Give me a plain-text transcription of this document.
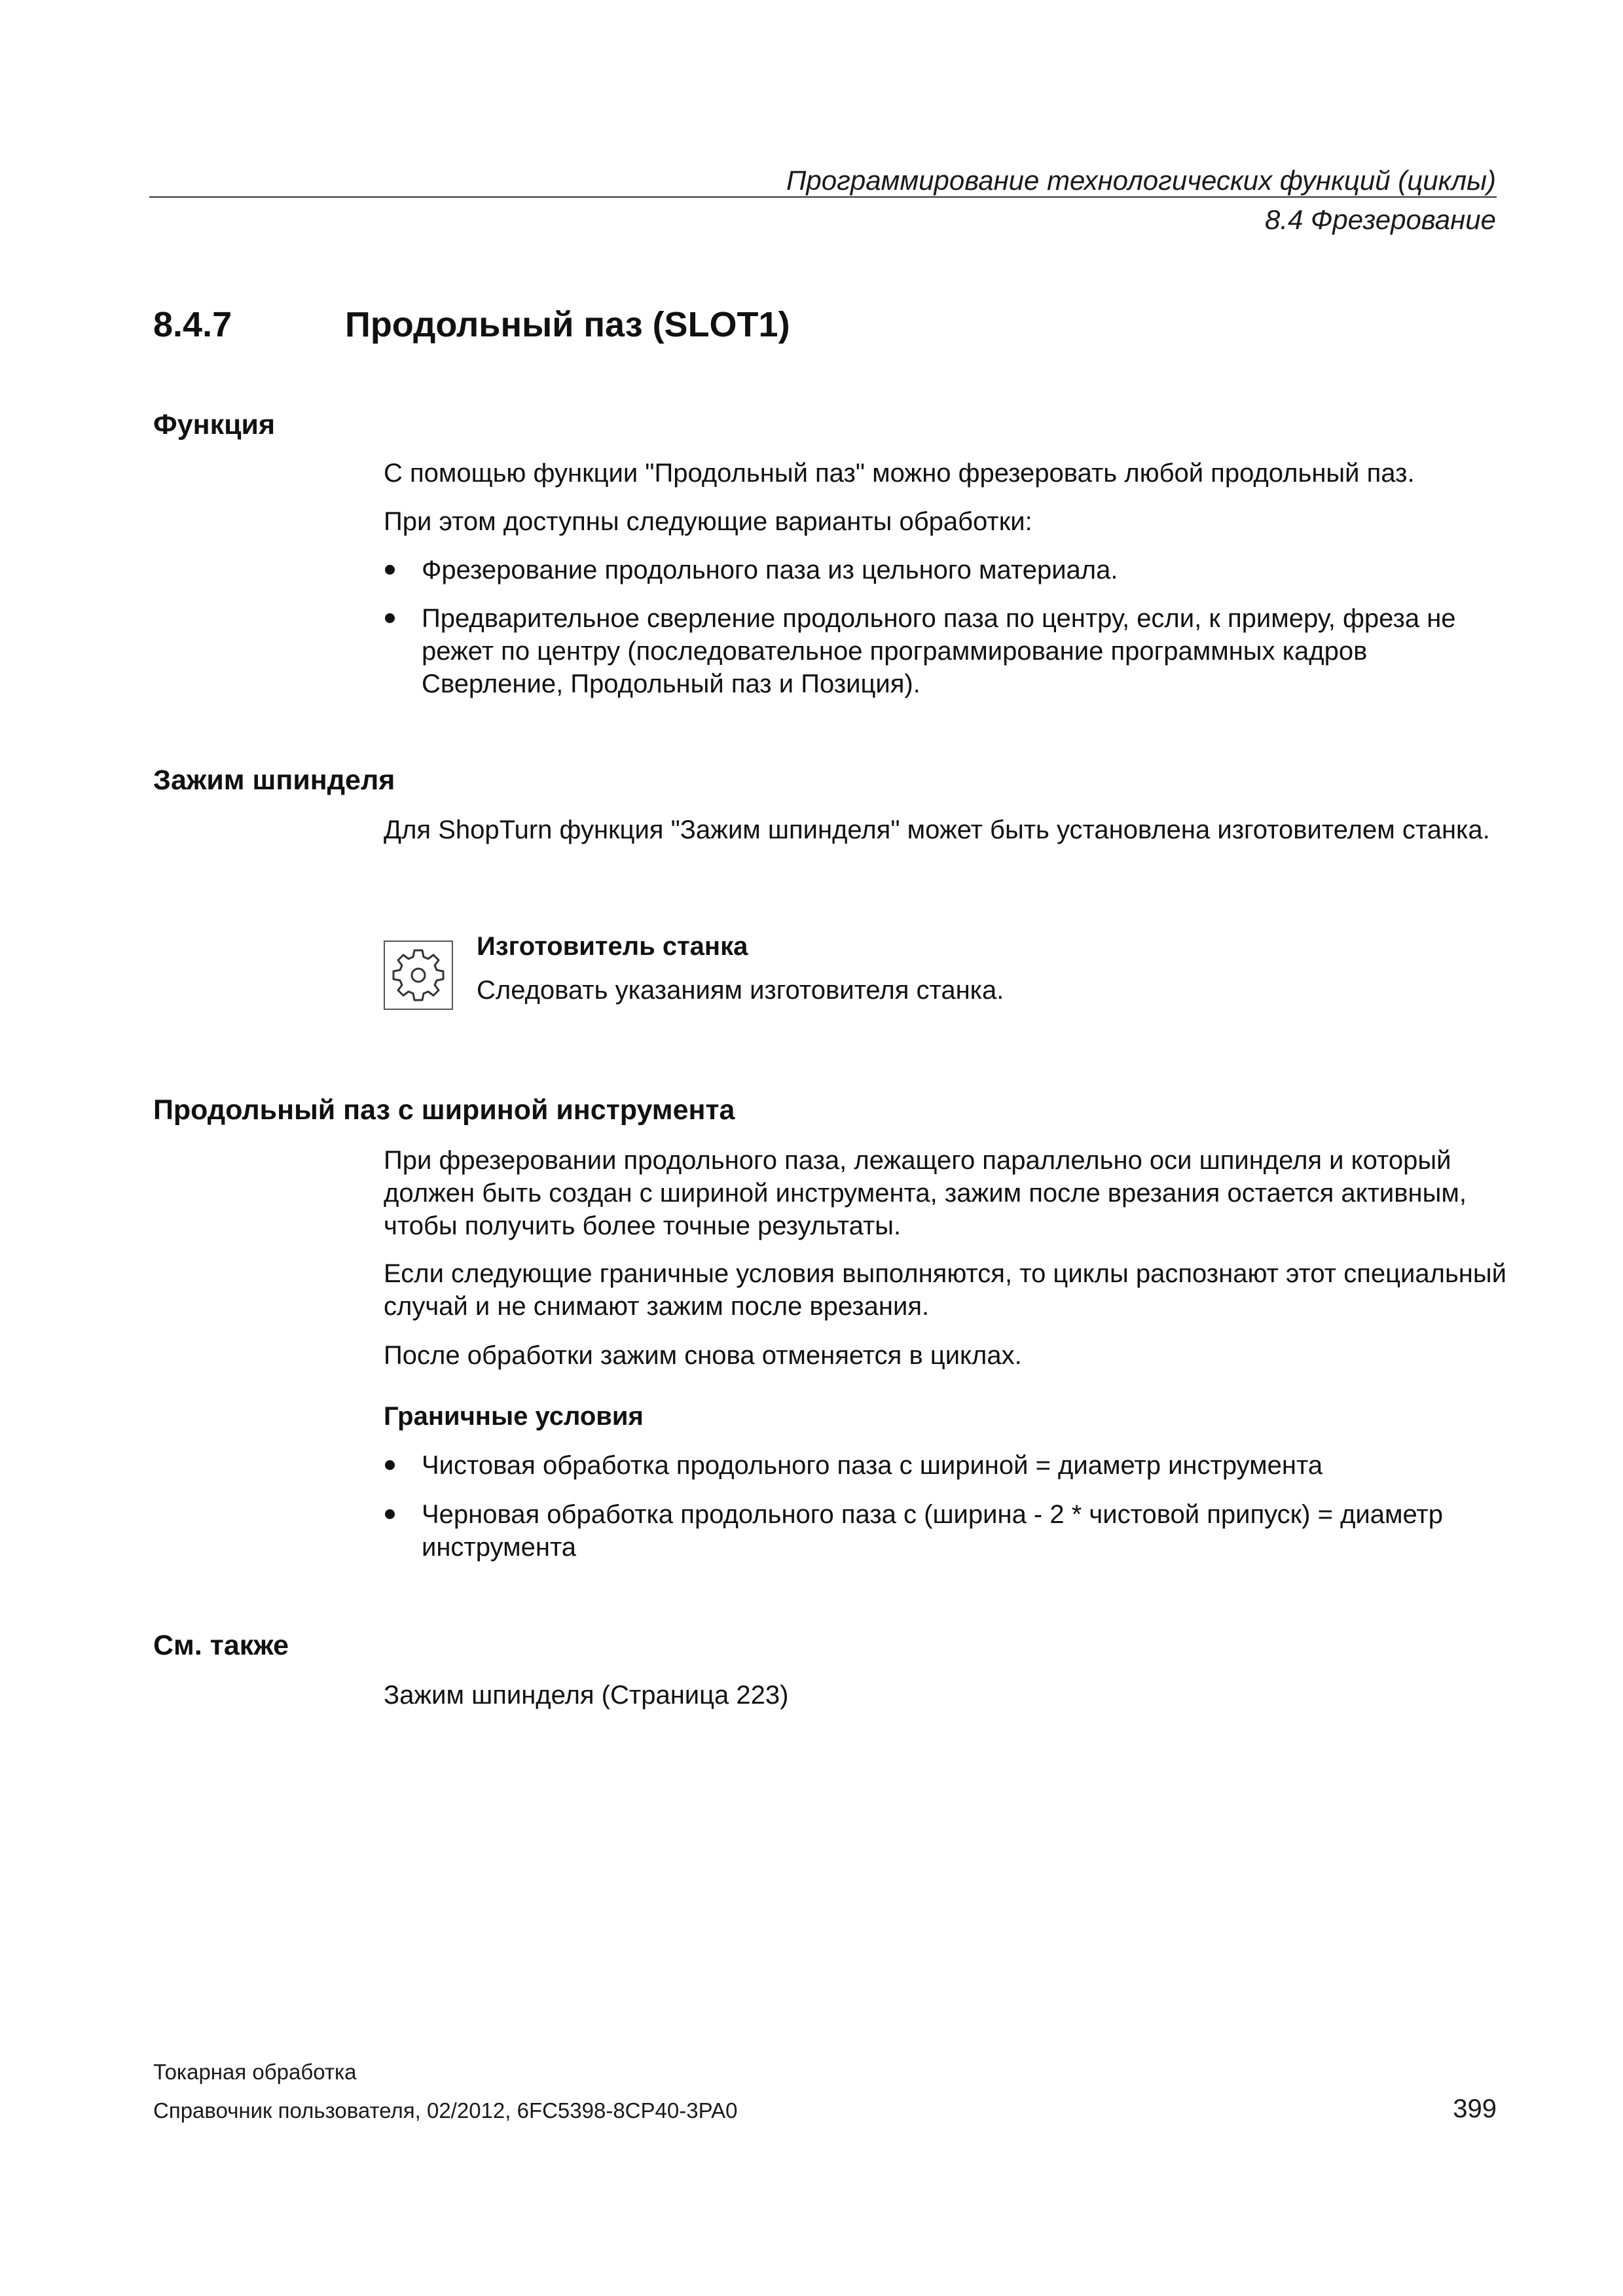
Программирование технологических функций (циклы)
8.4 Фрезерование
8.4.7	Продольный паз (SLOT1)
Функция
С помощью функции "Продольный паз" можно фрезеровать любой продольный паз.
При этом доступны следующие варианты обработки:
Фрезерование продольного паза из цельного материала.
Предварительное сверление продольного паза по центру, если, к примеру, фреза не режет по центру (последовательное программирование программных кадров Сверление, Продольный паз и Позиция).
Зажим шпинделя
Для ShopTurn функция "Зажим шпинделя" может быть установлена изготовителем станка.
Изготовитель станка
Следовать указаниям изготовителя станка.
Продольный паз с шириной инструмента
При фрезеровании продольного паза, лежащего параллельно оси шпинделя и который должен быть создан с шириной инструмента, зажим после врезания остается активным, чтобы получить более точные результаты.
Если следующие граничные условия выполняются, то циклы распознают этот специальный случай и не снимают зажим после врезания.
После обработки зажим снова отменяется в циклах.
Граничные условия
Чистовая обработка продольного паза с шириной = диаметр инструмента
Черновая обработка продольного паза с (ширина - 2 * чистовой припуск) = диаметр инструмента
См. также
Зажим шпинделя (Страница 223)
Токарная обработка
Справочник пользователя, 02/2012, 6FC5398-8CP40-3PA0	399
